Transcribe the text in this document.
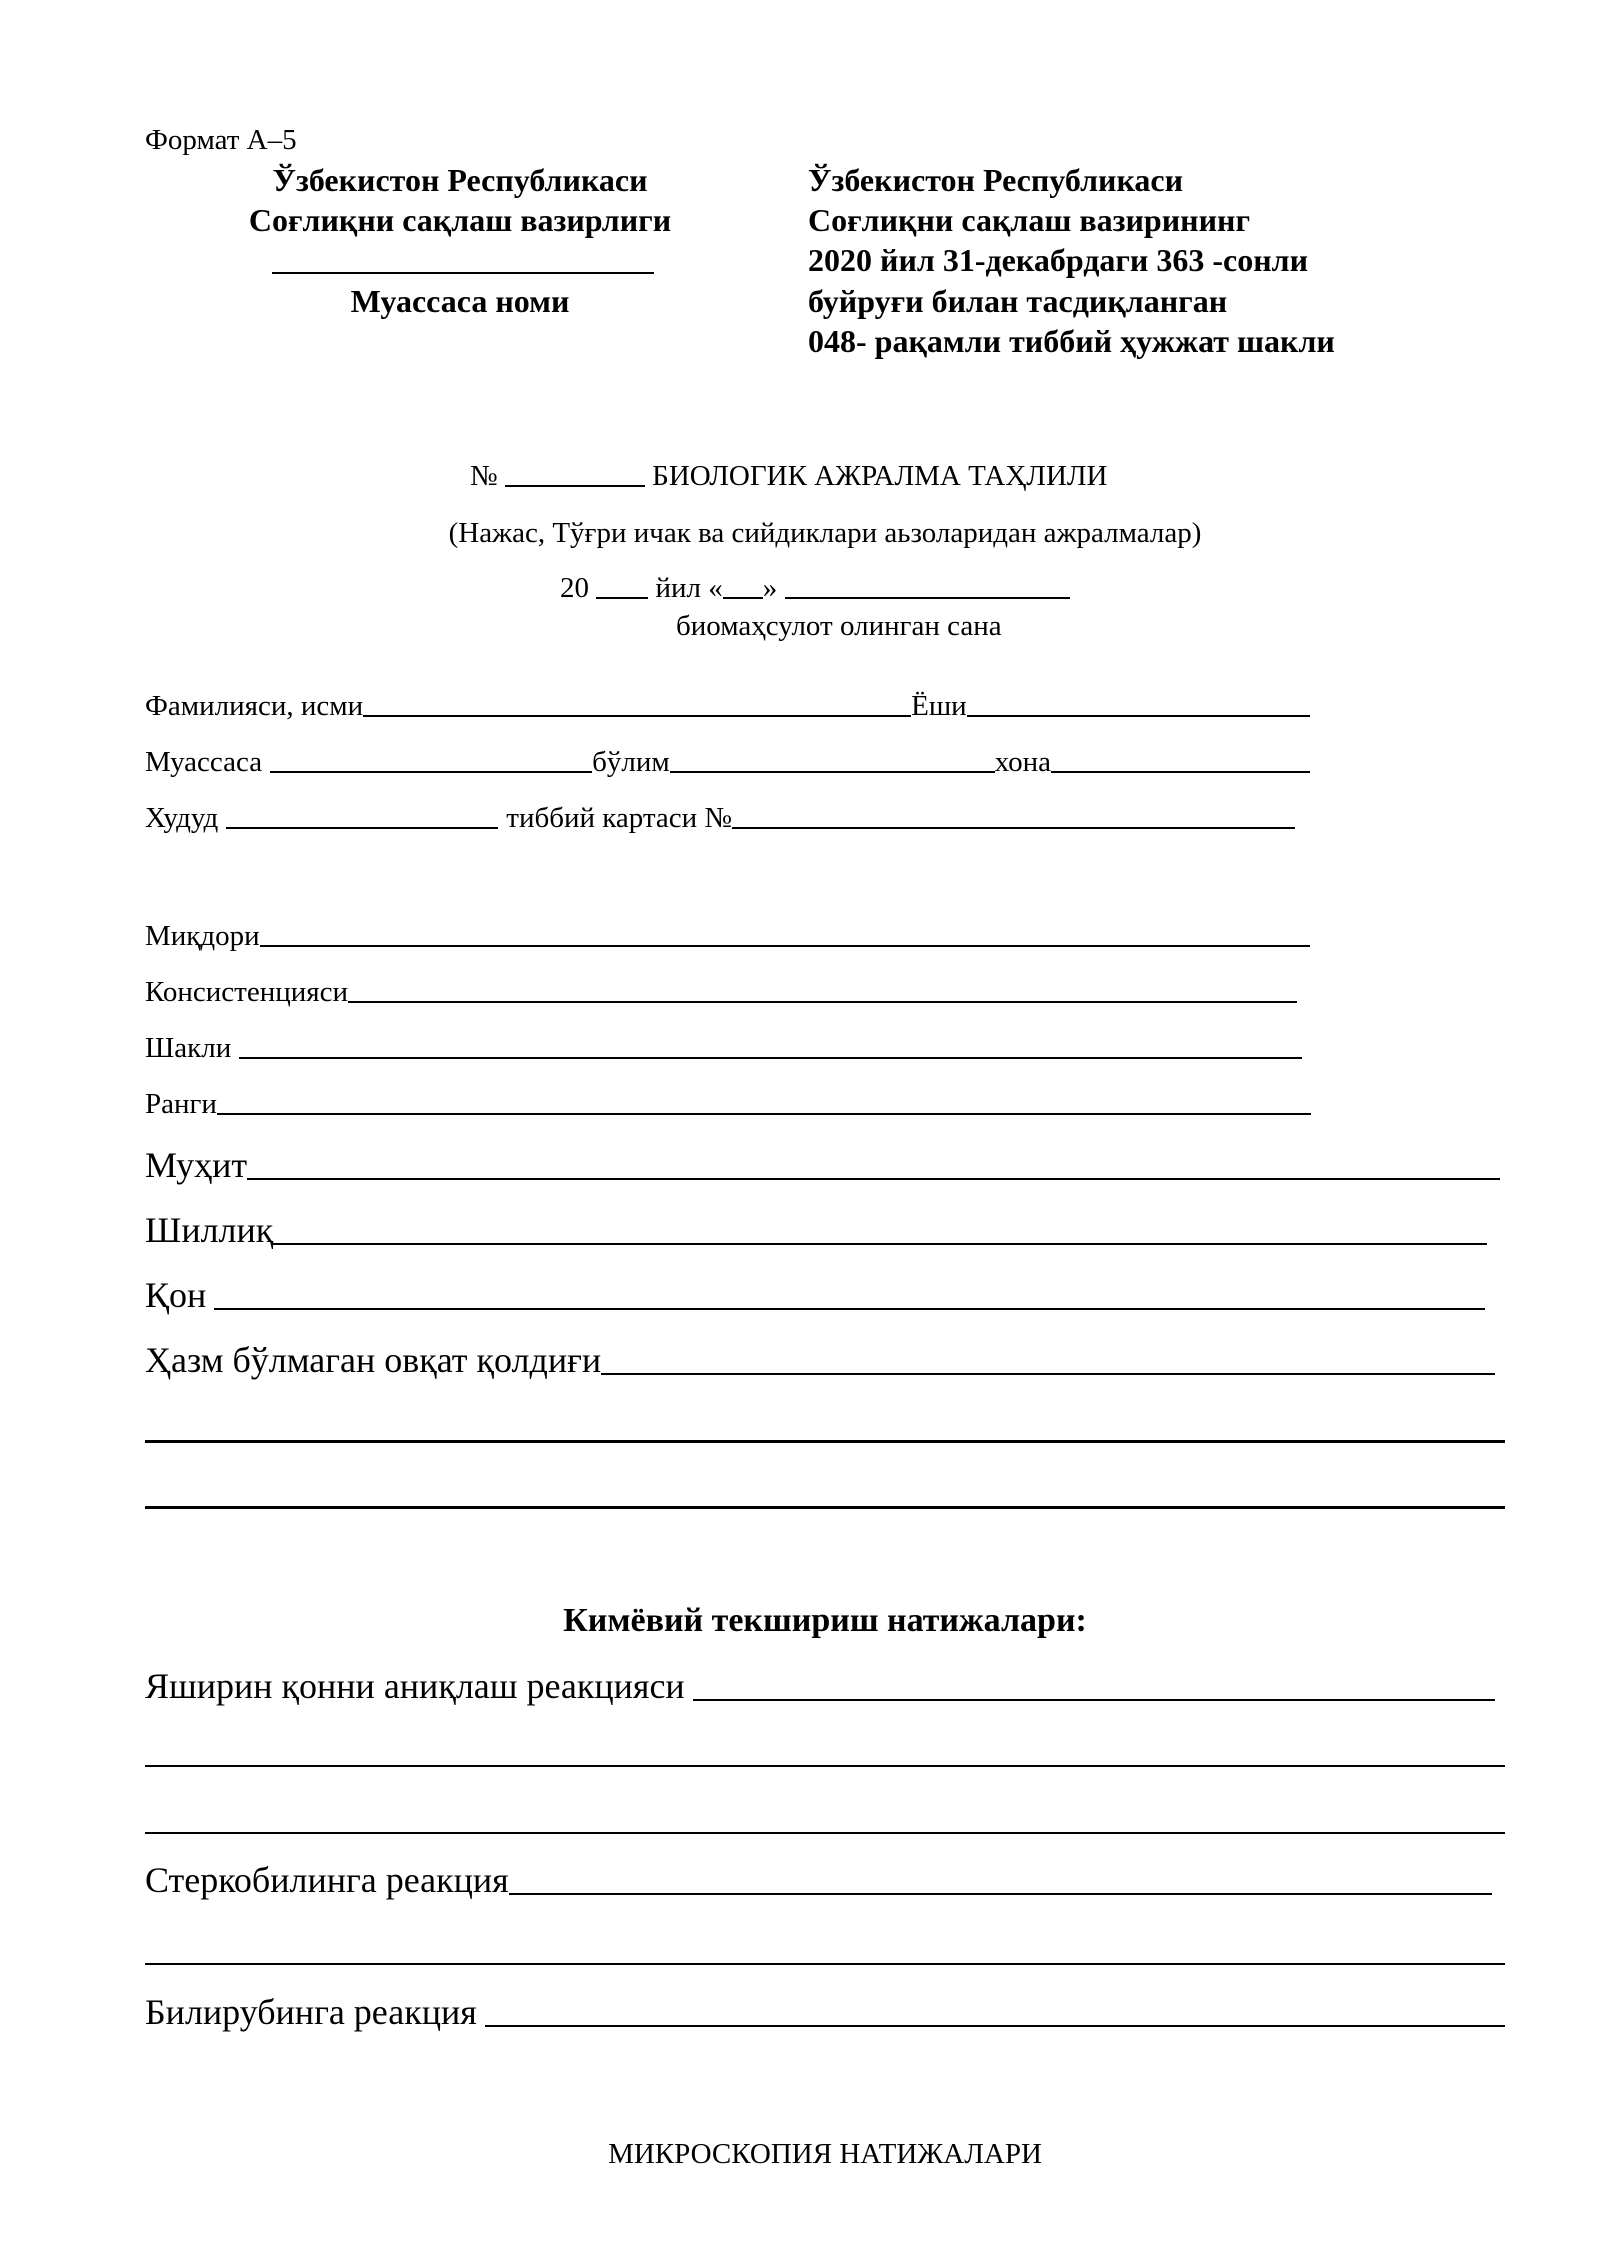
Формат А–5
Ўзбекистон Республикаси
Соғлиқни сақлаш вазирлиги
Муассаса номи
Ўзбекистон Республикаси
Соғлиқни сақлаш вазирининг
2020 йил 31-декабрдаги 363 -сонли
буйруғи билан тасдиқланган
048- рақамли тиббий ҳужжат шакли
№	БИОЛОГИК АЖРАЛМА ТАҲЛИЛИ
(Нажас, Тўғри ичак ва сийдиклари аьзоларидан ажралмалар)
20 йил « »
биомаҳсулот олинган сана
Фамилияси, исми	Ёши
Муассаса	бўлим	хона
Худуд	тиббий картаси №
Миқдори
Консистенцияси
Шакли
Ранги
Муҳит
Шиллиқ
Қон
Ҳазм бўлмаган овқат қолдиғи
Кимёвий текшириш натижалари:
Яширин қонни аниқлаш реакцияси
Стеркобилинга реакция
Билирубинга реакция
МИКРОСКОПИЯ НАТИЖАЛАРИ
